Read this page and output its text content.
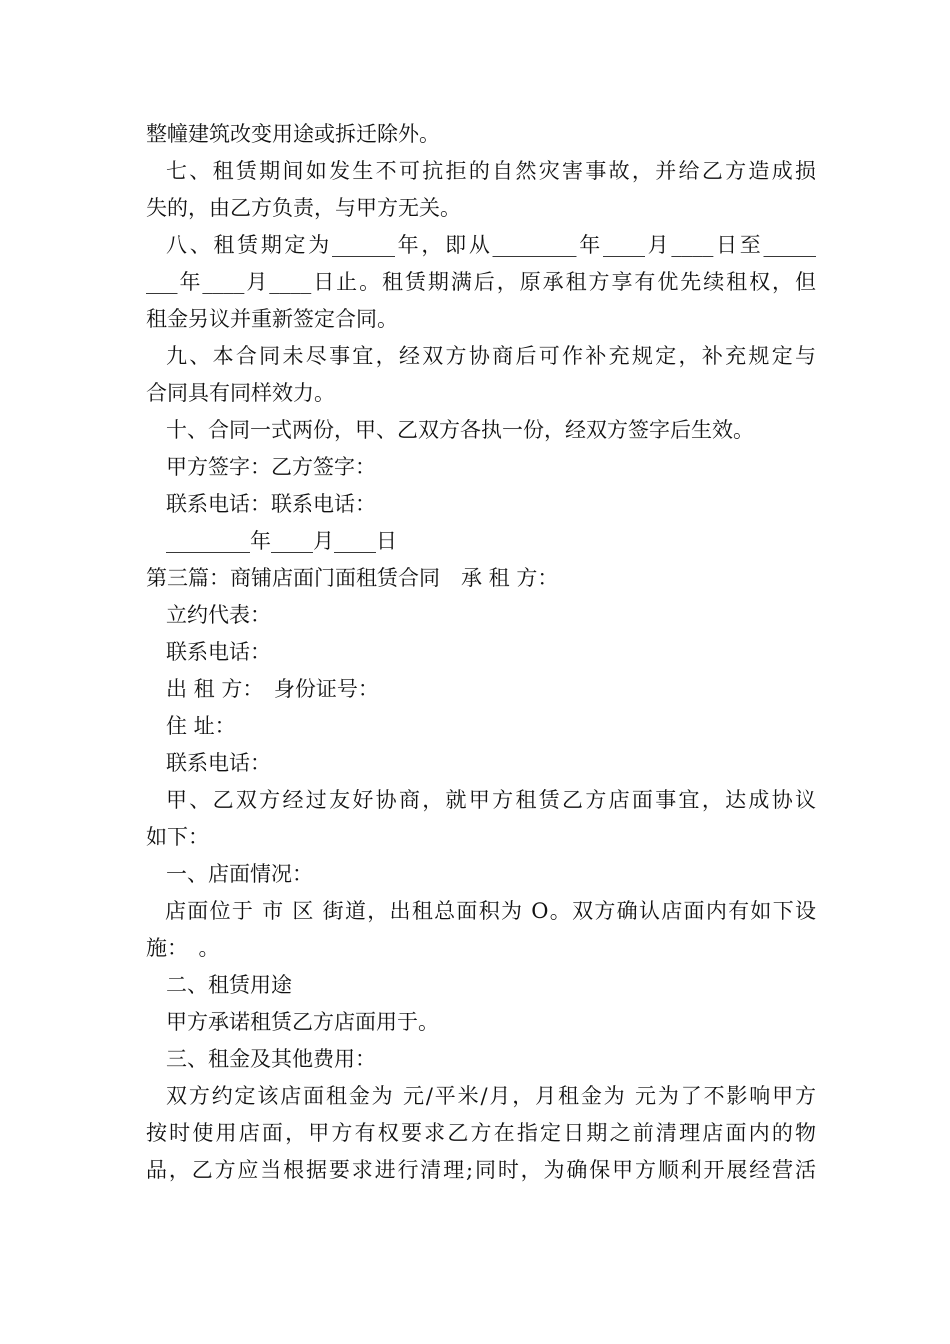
整幢建筑改变用途或拆迁除外。
七、租赁期间如发生不可抗拒的自然灾害事故，并给乙方造成损
失的，由乙方负责，与甲方无关。
八、租赁期定为______年，即从________年____月____日至_____
___年____月____日止。租赁期满后，原承租方享有优先续租权，但
租金另议并重新签定合同。
九、本合同未尽事宜，经双方协商后可作补充规定，补充规定与
合同具有同样效力。
十、合同一式两份，甲、乙双方各执一份，经双方签字后生效。
甲方签字：乙方签字：
联系电话：联系电话：
________年____月____日
第三篇：商铺店面门面租赁合同　承 租 方：
立约代表：
联系电话：
出 租 方：　身份证号：
住 址：
联系电话：
甲、乙双方经过友好协商，就甲方租赁乙方店面事宜，达成协议
如下：
一、店面情况：
店面位于 市 区 街道，出租总面积为 O。双方确认店面内有如下设
施：　。
二、租赁用途
甲方承诺租赁乙方店面用于。
三、租金及其他费用：
双方约定该店面租金为 元/平米/月，月租金为 元为了不影响甲方
按时使用店面，甲方有权要求乙方在指定日期之前清理店面内的物
品，乙方应当根据要求进行清理;同时，为确保甲方顺利开展经营活
